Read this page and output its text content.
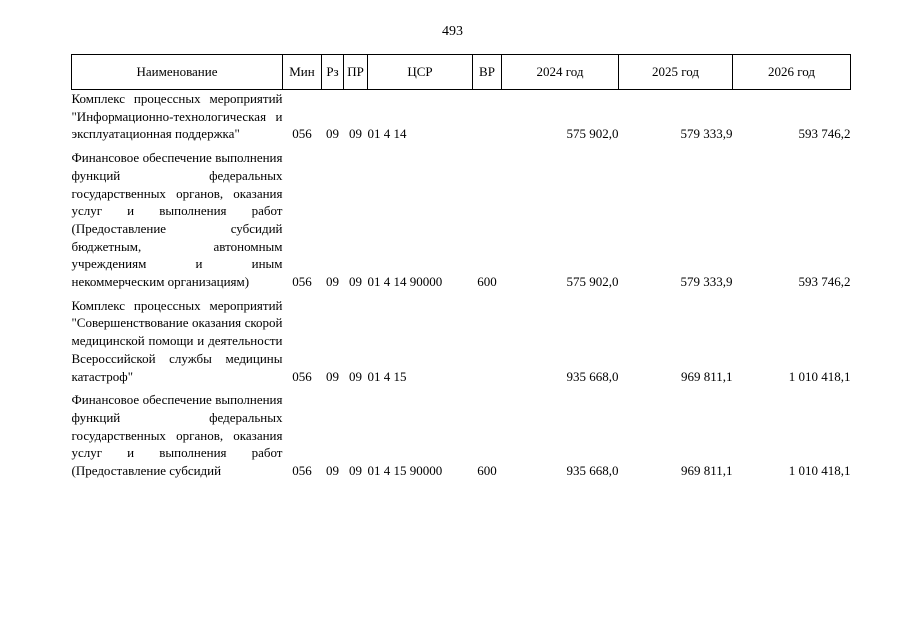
493
Наименование	Мин	Рз	ПР	ЦСР	ВР	2024 год	2025 год	2026 год
Комплекс процессных мероприятий "Информационно-технологическая и эксплуатационная поддержка"	056	09	09	01 4 14		575 902,0	579 333,9	593 746,2
Финансовое обеспечение выполнения функций федеральных государственных органов, оказания услуг и выполнения работ (Предоставление субсидий бюджетным, автономным учреждениям и иным некоммерческим организациям)	056	09	09	01 4 14 90000	600	575 902,0	579 333,9	593 746,2
Комплекс процессных мероприятий "Совершенствование оказания скорой медицинской помощи и деятельности Всероссийской службы медицины катастроф"	056	09	09	01 4 15		935 668,0	969 811,1	1 010 418,1
Финансовое обеспечение выполнения функций федеральных государственных органов, оказания услуг и выполнения работ (Предоставление субсидий	056	09	09	01 4 15 90000	600	935 668,0	969 811,1	1 010 418,1
